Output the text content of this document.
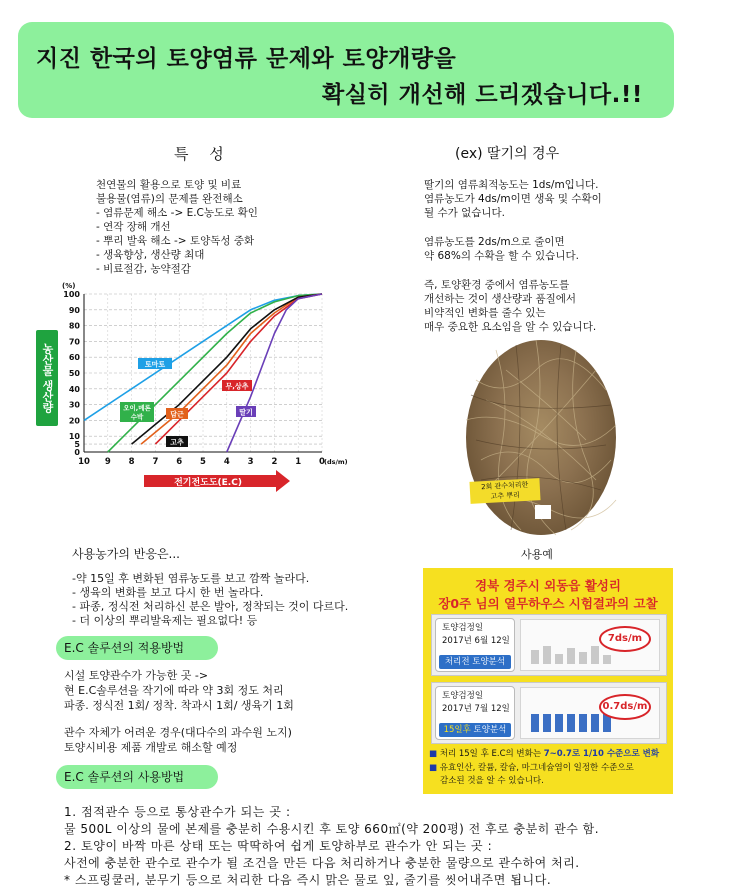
지진 한국의 토양염류 문제와 토양개량을
확실히 개선해 드리겠습니다.!!
특 성
천연물의 활용으로 토양 및 비료
불용물(염류)의 문제를 완전해소
- 염류문제 해소 -> E.C농도로 확인
- 연작 장해 개선
- 뿌리 발육 해소 -> 토양독성 중화
- 생육향상, 생산량 최대
- 비료절감, 농약절감
0
5
10
20
30
40
50
60
70
80
90
100
10 9 8 7 6 5 4 3 2 1 0
(%)
(ds/m)
토마토
오이,메론
수박	담근
고추
무,상추
딸기
전기전도도(E.C)
농산물 생산량
(ex) 딸기의 경우
딸기의 염류최적농도는 1ds/m입니다.
염류농도가 4ds/m이면 생육 및 수확이
될 수가 없습니다.
염류농도를 2ds/m으로 줄이면
약 68%의 수확을 할 수 있습니다.
즉, 토양환경 중에서 염류농도를
개선하는 것이 생산량과 품질에서
비약적인 변화를 줄수 있는
매우 중요한 요소임을 알 수 있습니다.
2회 관수처리한
고추 뿌리
사용예
사용농가의 반응은...
-약 15일 후 변화된 염류농도를 보고 깜짝 놀라다.
- 생육의 변화를 보고 다시 한 번 놀라다.
- 파종, 정식전 처리하신 분은 발아, 정착되는 것이 다르다.
- 더 이상의 뿌리발육제는 필요없다! 등
E.C 솔루션의 적용방법
시설 토양관수가 가능한 곳 ->
현 E.C솔루션을 작기에 따라 약 3회 정도 처리
파종. 정식전 1회/ 정착. 착과시 1회/ 생육기 1회
관수 자체가 어려운 경우(대다수의 과수원 노지)
토양시비용 제품 개발로 해소할 예정
E.C 솔루션의 사용방법
1. 점적관수 등으로 통상관수가 되는 곳 :
물 500L 이상의 물에 본제를 충분히 수용시킨 후 토양 660㎡(약 200평) 전 후로 충분히 관수 함.
2. 토양이 바짝 마른 상태 또는 딱딱하여 쉽게 토양하부로 관수가 안 되는 곳 :
사전에 충분한 관수로 관수가 될 조건을 만든 다음 처리하거나 충분한 물량으로 관수하여 처리.
* 스프링쿨러, 분무기 등으로 처리한 다음 즉시 맑은 물로 잎, 줄기를 씻어내주면 됩니다.
경북 경주시 외동읍 활성리
장0주 님의 열무하우스 시험결과의 고찰
토양검정일
2017년 6월 12일
처리전 토양분석
7ds/m
토양검정일
2017년 7월 12일
15일후 토양분석
0.7ds/m
■ 처리 15일 후 E.C의 변화는 7~0.7로 1/10 수준으로 변화
■ 유효인산, 칼륨, 칼슘, 마그네슘염이 일정한 수준으로
감소된 것을 알 수 있습니다.
